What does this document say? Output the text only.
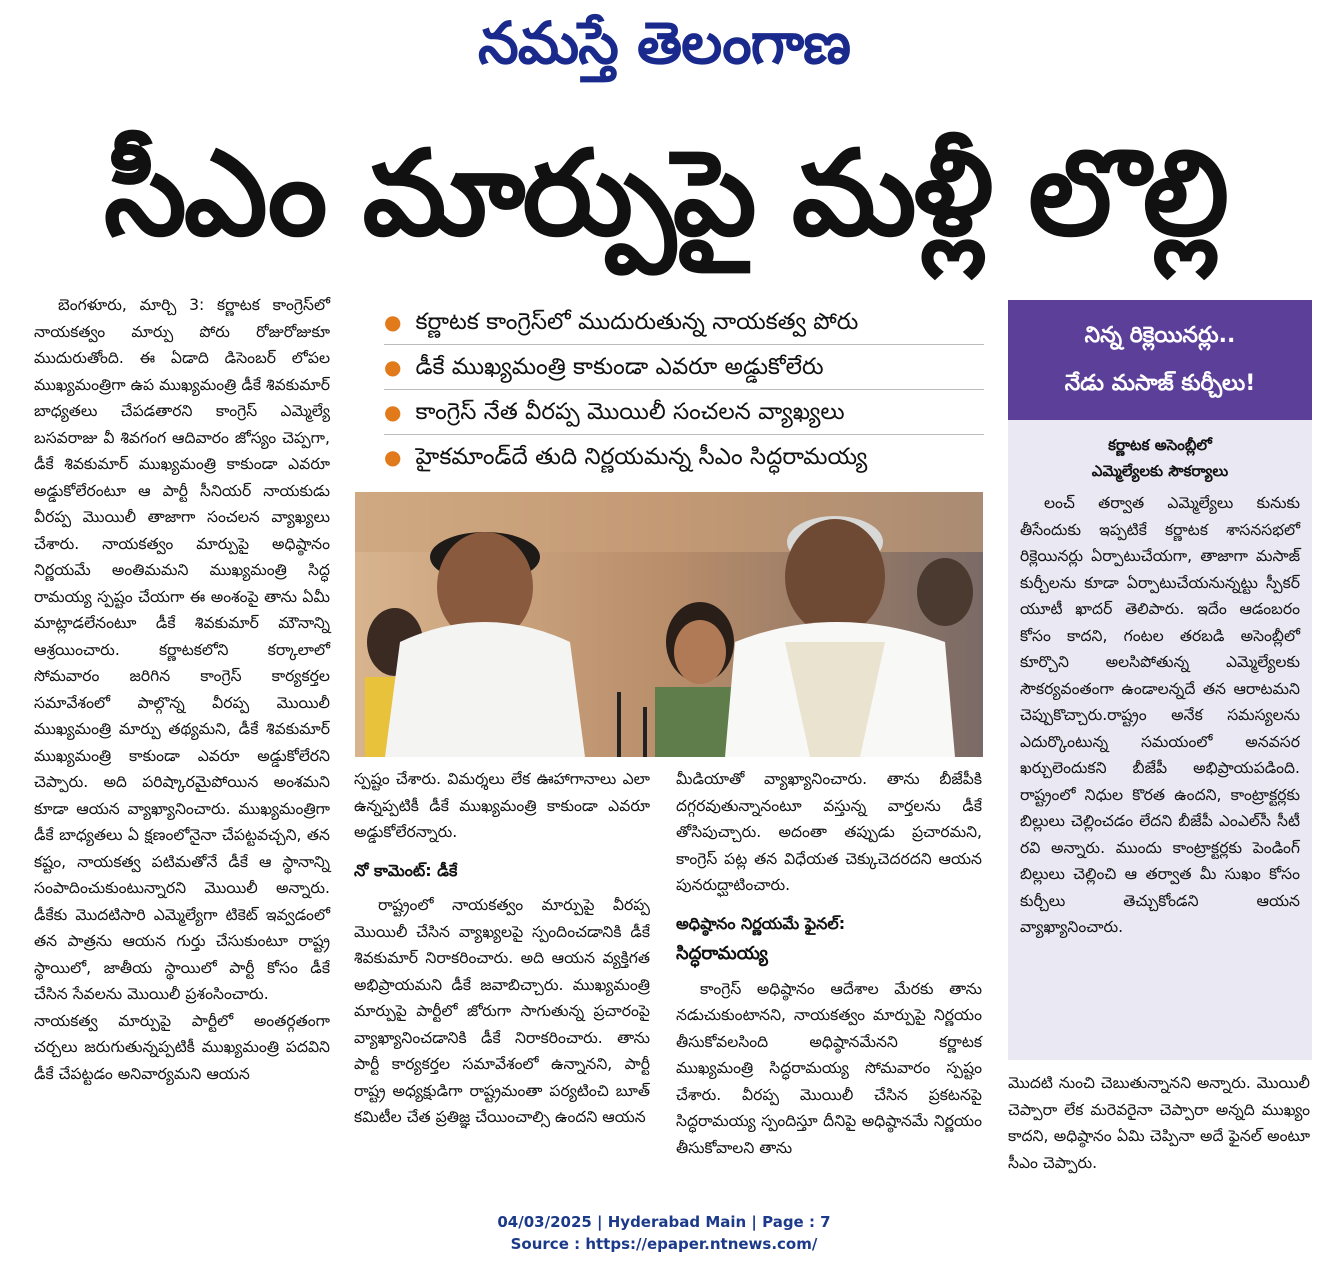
నమస్తే తెలంగాణ
సీఎం మార్పుపై మళ్లీ లొల్లి

బెంగళూరు, మార్చి 3: కర్ణాటక కాంగ్రెస్‌లో నాయకత్వం మార్పు పోరు రోజురోజుకూ ముదురుతోంది. ఈ ఏడాది డిసెంబర్ లోపల ముఖ్యమంత్రిగా ఉప ముఖ్యమంత్రి డీకే శివకుమార్ బాధ్యతలు చేపడతారని కాంగ్రెస్ ఎమ్మెల్యే బసవరాజు వీ శివగంగ ఆదివారం జోస్యం చెప్పగా, డీకే శివకుమార్ ముఖ్యమంత్రి కాకుండా ఎవరూ అడ్డుకోలేరంటూ ఆ పార్టీ సీనియర్ నాయకుడు వీరప్ప మొయిలీ తాజాగా సంచలన వ్యాఖ్యలు చేశారు. నాయకత్వం మార్పుపై అధిష్ఠానం నిర్ణయమే అంతిమమని ముఖ్యమంత్రి సిద్ధ రామయ్య స్పష్టం చేయగా ఈ అంశంపై తాను ఏమీ మాట్లాడలేనంటూ డీకే శివకుమార్ మౌనాన్ని ఆశ్రయించారు. కర్ణాటకలోని కర్కాలాలో సోమవారం జరిగిన కాంగ్రెస్ కార్యకర్తల సమావేశంలో పాల్గొన్న వీరప్ప మొయిలీ ముఖ్యమంత్రి మార్పు తథ్యమని, డీకే శివకుమార్ ముఖ్యమంత్రి కాకుండా ఎవరూ అడ్డుకోలేరని చెప్పారు. అది పరిష్కారమైపోయిన అంశమని కూడా ఆయన వ్యాఖ్యానించారు. ముఖ్యమంత్రిగా డీకే బాధ్యతలు ఏ క్షణంలోనైనా చేపట్టవచ్చని, తన కష్టం, నాయకత్వ పటిమతోనే డీకే ఆ స్థానాన్ని సంపాదించుకుంటున్నారని మొయిలీ అన్నారు. డీకేకు మొదటిసారి ఎమ్మెల్యేగా టికెట్ ఇవ్వడంలో తన పాత్రను ఆయన గుర్తు చేసుకుంటూ రాష్ట్ర స్థాయిలో, జాతీయ స్థాయిలో పార్టీ కోసం డీకే చేసిన సేవలను మొయిలీ ప్రశంసించారు.

నాయకత్వ మార్పుపై పార్టీలో అంతర్గతంగా చర్చలు జరుగుతున్నప్పటికీ ముఖ్యమంత్రి పదవిని డీకే చేపట్టడం అనివార్యమని ఆయన

● కర్ణాటక కాంగ్రెస్‌లో ముదురుతున్న నాయకత్వ పోరు
● డీకే ముఖ్యమంత్రి కాకుండా ఎవరూ అడ్డుకోలేరు
● కాంగ్రెస్ నేత వీరప్ప మొయిలీ సంచలన వ్యాఖ్యలు
● హైకమాండ్‌దే తుది నిర్ణయమన్న సీఎం సిద్ధరామయ్య

స్పష్టం చేశారు. విమర్శలు లేక ఊహాగానాలు ఎలా ఉన్నప్పటికీ డీకే ముఖ్యమంత్రి కాకుండా ఎవరూ అడ్డుకోలేరన్నారు.

నో కామెంట్: డీకే

రాష్ట్రంలో నాయకత్వం మార్పుపై వీరప్ప మొయిలీ చేసిన వ్యాఖ్యలపై స్పందించడానికి డీకే శివకుమార్ నిరాకరించారు. అది ఆయన వ్యక్తిగత అభిప్రాయమని డీకే జవాబిచ్చారు. ముఖ్యమంత్రి మార్పుపై పార్టీలో జోరుగా సాగుతున్న ప్రచారంపై వ్యాఖ్యానించడానికి డీకే నిరాకరించారు. తాను పార్టీ కార్యకర్తల సమావేశంలో ఉన్నానని, పార్టీ రాష్ట్ర అధ్యక్షుడిగా రాష్ట్రమంతా పర్యటించి బూత్ కమిటీల చేత ప్రతిజ్ఞ చేయించాల్సి ఉందని ఆయన

మీడియాతో వ్యాఖ్యానించారు. తాను బీజేపీకి దగ్గరవుతున్నానంటూ వస్తున్న వార్తలను డీకే తోసిపుచ్చారు. అదంతా తప్పుడు ప్రచారమని, కాంగ్రెస్ పట్ల తన విధేయత చెక్కుచెదరదని ఆయన పునరుద్ఘాటించారు.

అధిష్ఠానం నిర్ణయమే ఫైనల్:
సిద్ధరామయ్య

కాంగ్రెస్ అధిష్ఠానం ఆదేశాల మేరకు తాను నడుచుకుంటానని, నాయకత్వం మార్పుపై నిర్ణయం తీసుకోవలసింది అధిష్ఠానమేనని కర్ణాటక ముఖ్యమంత్రి సిద్ధరామయ్య సోమవారం స్పష్టం చేశారు. వీరప్ప మొయిలీ చేసిన ప్రకటనపై సిద్ధరామయ్య స్పందిస్తూ దీనిపై అధిష్ఠానమే నిర్ణయం తీసుకోవాలని తాను

నిన్న రిక్లెయినర్లు..
నేడు మసాజ్ కుర్చీలు!
కర్ణాటక అసెంబ్లీలో
ఎమ్మెల్యేలకు సౌకర్యాలు

లంచ్ తర్వాత ఎమ్మెల్యేలు కునుకు తీసేందుకు ఇప్పటికే కర్ణాటక శాసనసభలో రిక్లెయినర్లు ఏర్పాటుచేయగా, తాజాగా మసాజ్ కుర్చీలను కూడా ఏర్పాటుచేయనున్నట్టు స్పీకర్ యూటీ ఖాదర్ తెలిపారు. ఇదేం ఆడంబరం కోసం కాదని, గంటల తరబడి అసెంబ్లీలో కూర్చొని అలసిపోతున్న ఎమ్మెల్యేలకు సౌకర్యవంతంగా ఉండాలన్నదే తన ఆరాటమని చెప్పుకొచ్చారు.రాష్ట్రం అనేక సమస్యలను ఎదుర్కొంటున్న సమయంలో అనవసర ఖర్చులెందుకని బీజేపీ అభిప్రాయపడింది. రాష్ట్రంలో నిధుల కొరత ఉందని, కాంట్రాక్టర్లకు బిల్లులు చెల్లించడం లేదని బీజేపీ ఎంఎల్‌సీ సీటీ రవి అన్నారు. ముందు కాంట్రాక్టర్లకు పెండింగ్ బిల్లులు చెల్లించి ఆ తర్వాత మీ సుఖం కోసం కుర్చీలు తెచ్చుకోండని ఆయన వ్యాఖ్యానించారు.

మొదటి నుంచి చెబుతున్నానని అన్నారు. మొయిలీ చెప్పారా లేక మరెవరైనా చెప్పారా అన్నది ముఖ్యం కాదని, అధిష్ఠానం ఏమి చెప్పినా అదే ఫైనల్ అంటూ సీఎం చెప్పారు.

04/03/2025 | Hyderabad Main | Page : 7
Source : https://epaper.ntnews.com/
